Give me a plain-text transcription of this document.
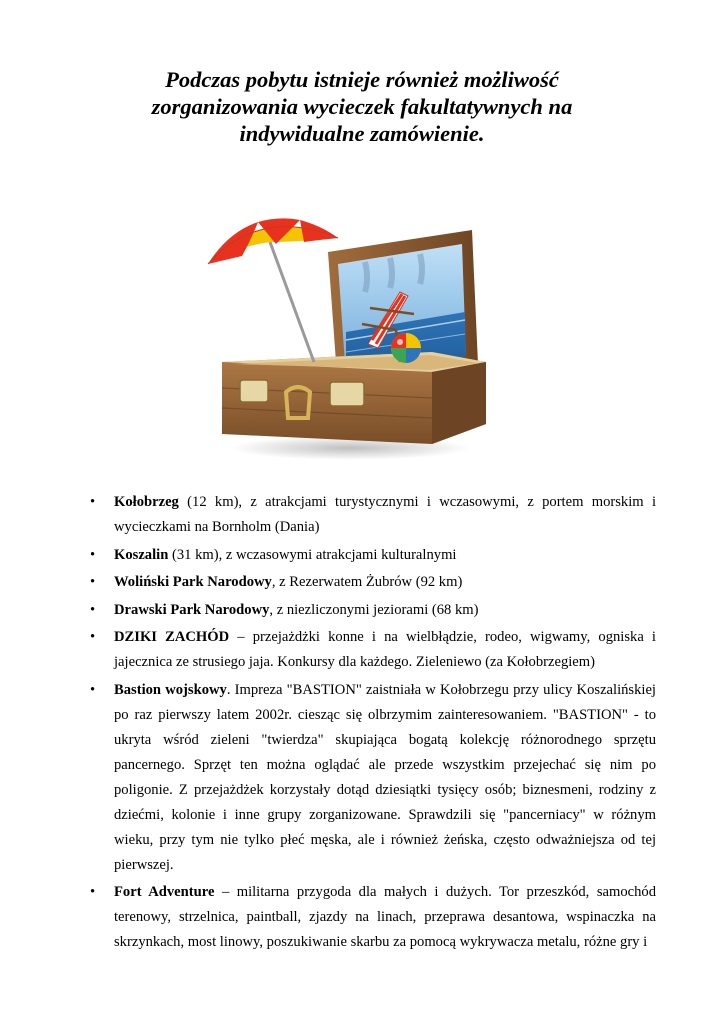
Podczas pobytu istnieje również możliwość
zorganizowania wycieczek fakultatywnych na
indywidualne zamówienie.
• Kołobrzeg (12 km), z atrakcjami turystycznymi i wczasowymi, z portem morskim i wycieczkami na Bornholm (Dania)
• Koszalin (31 km), z wczasowymi atrakcjami kulturalnymi
• Woliński Park Narodowy, z Rezerwatem Żubrów (92 km)
• Drawski Park Narodowy, z niezliczonymi jeziorami (68 km)
• DZIKI ZACHÓD – przejażdżki konne i na wielbłądzie, rodeo, wigwamy, ogniska i jajecznica ze strusiego jaja. Konkursy dla każdego. Zieleniewo (za Kołobrzegiem)
• Bastion wojskowy. Impreza "BASTION" zaistniała w Kołobrzegu przy ulicy Koszalińskiej po raz pierwszy latem 2002r. ciesząc się olbrzymim zainteresowaniem. "BASTION" - to ukryta wśród zieleni "twierdza" skupiająca bogatą kolekcję różnorodnego sprzętu pancernego. Sprzęt ten można oglądać ale przede wszystkim przejechać się nim po poligonie. Z przejażdżek korzystały dotąd dziesiątki tysięcy osób; biznesmeni, rodziny z dziećmi, kolonie i inne grupy zorganizowane. Sprawdzili się "pancerniacy" w różnym wieku, przy tym nie tylko płeć męska, ale i również żeńska, często odważniejsza od tej pierwszej.
• Fort Adventure – militarna przygoda dla małych i dużych. Tor przeszkód, samochód terenowy, strzelnica, paintball, zjazdy na linach, przeprawa desantowa, wspinaczka na skrzynkach, most linowy, poszukiwanie skarbu za pomocą wykrywacza metalu, różne gry i
